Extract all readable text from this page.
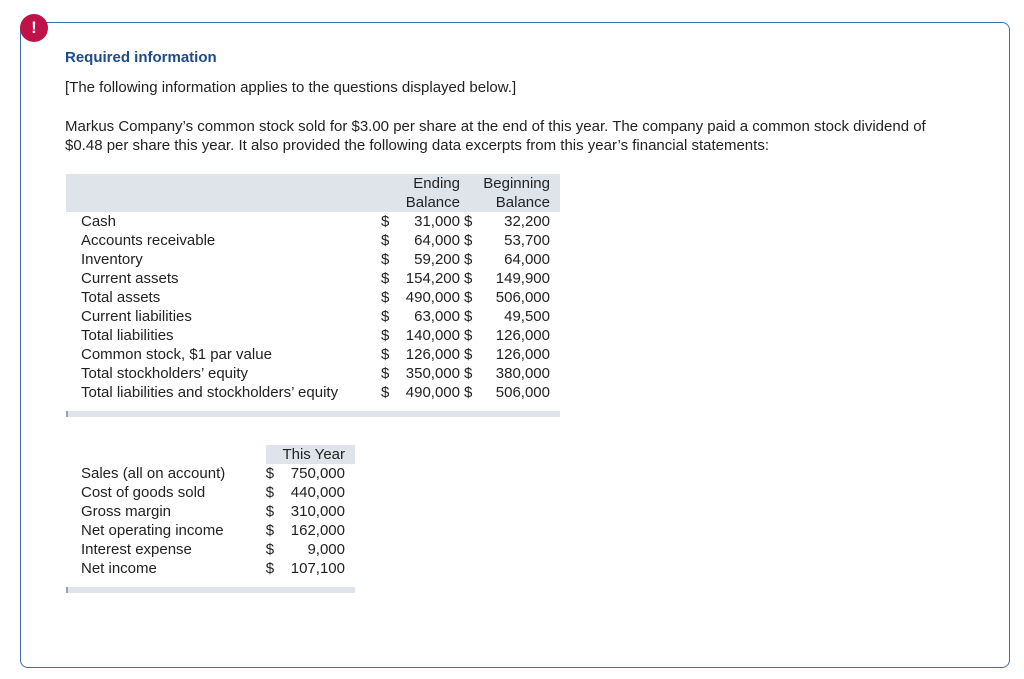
!
Required information
[The following information applies to the questions displayed below.]
Markus Company’s common stock sold for $3.00 per share at the end of this year. The company paid a common stock dividend of $0.48 per share this year. It also provided the following data excerpts from this year’s financial statements:
	Ending	Beginning
	Balance	Balance
Cash	$ 31,000	$ 32,200
Accounts receivable	$ 64,000	$ 53,700
Inventory	$ 59,200	$ 64,000
Current assets	$ 154,200	$ 149,900
Total assets	$ 490,000	$ 506,000
Current liabilities	$ 63,000	$ 49,500
Total liabilities	$ 140,000	$ 126,000
Common stock, $1 par value	$ 126,000	$ 126,000
Total stockholders’ equity	$ 350,000	$ 380,000
Total liabilities and stockholders’ equity	$ 490,000	$ 506,000
	This Year
Sales (all on account)	$ 750,000
Cost of goods sold	$ 440,000
Gross margin	$ 310,000
Net operating income	$ 162,000
Interest expense	$ 9,000
Net income	$ 107,100
